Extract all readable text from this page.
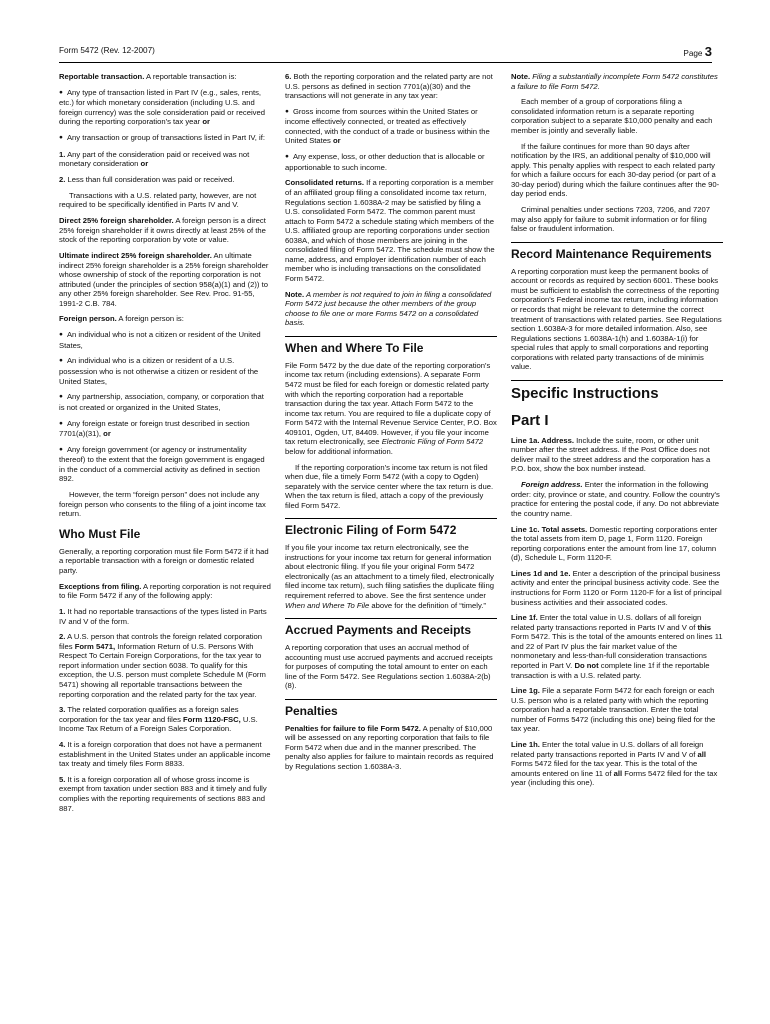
Form 5472 (Rev. 12-2007)	Page 3

Reportable transaction. A reportable transaction is:

● Any type of transaction listed in Part IV (e.g., sales, rents, etc.) for which monetary consideration (including U.S. and foreign currency) was the sole consideration paid or received during the reporting corporation's tax year or

● Any transaction or group of transactions listed in Part IV, if:

1. Any part of the consideration paid or received was not monetary consideration or

2. Less than full consideration was paid or received.

Transactions with a U.S. related party, however, are not required to be specifically identified in Parts IV and V.

Direct 25% foreign shareholder. A foreign person is a direct 25% foreign shareholder if it owns directly at least 25% of the stock of the reporting corporation by vote or value.

Ultimate indirect 25% foreign shareholder. An ultimate indirect 25% foreign shareholder is a 25% foreign shareholder whose ownership of stock of the reporting corporation is not attributed (under the principles of section 958(a)(1) and (2)) to any other 25% foreign shareholder. See Rev. Proc. 91-55, 1991-2 C.B. 784.

Foreign person. A foreign person is:

● An individual who is not a citizen or resident of the United States,

● An individual who is a citizen or resident of a U.S. possession who is not otherwise a citizen or resident of the United States,

● Any partnership, association, company, or corporation that is not created or organized in the United States,

● Any foreign estate or foreign trust described in section 7701(a)(31), or

● Any foreign government (or agency or instrumentality thereof) to the extent that the foreign government is engaged in the conduct of a commercial activity as defined in section 892.

However, the term “foreign person” does not include any foreign person who consents to the filing of a joint income tax return.

Who Must File

Generally, a reporting corporation must file Form 5472 if it had a reportable transaction with a foreign or domestic related party.

Exceptions from filing. A reporting corporation is not required to file Form 5472 if any of the following apply:

1. It had no reportable transactions of the types listed in Parts IV and V of the form.

2. A U.S. person that controls the foreign related corporation files Form 5471, Information Return of U.S. Persons With Respect To Certain Foreign Corporations, for the tax year to report information under section 6038. To qualify for this exception, the U.S. person must complete Schedule M (Form 5471) showing all reportable transactions between the reporting corporation and the related party for the tax year.

3. The related corporation qualifies as a foreign sales corporation for the tax year and files Form 1120-FSC, U.S. Income Tax Return of a Foreign Sales Corporation.

4. It is a foreign corporation that does not have a permanent establishment in the United States under an applicable income tax treaty and timely files Form 8833.

5. It is a foreign corporation all of whose gross income is exempt from taxation under section 883 and it timely and fully complies with the reporting requirements of sections 883 and 887.

6. Both the reporting corporation and the related party are not U.S. persons as defined in section 7701(a)(30) and the transactions will not generate in any tax year:

● Gross income from sources within the United States or income effectively connected, or treated as effectively connected, with the conduct of a trade or business within the United States or

● Any expense, loss, or other deduction that is allocable or apportionable to such income.

Consolidated returns. If a reporting corporation is a member of an affiliated group filing a consolidated income tax return, Regulations section 1.6038A-2 may be satisfied by filing a U.S. consolidated Form 5472. The common parent must attach to Form 5472 a schedule stating which members of the U.S. affiliated group are reporting corporations under section 6038A, and which of those members are joining in the consolidated filing of Form 5472. The schedule must show the name, address, and employer identification number of each member who is including transactions on the consolidated Form 5472.

Note. A member is not required to join in filing a consolidated Form 5472 just because the other members of the group choose to file one or more Forms 5472 on a consolidated basis.

When and Where To File

File Form 5472 by the due date of the reporting corporation's income tax return (including extensions). A separate Form 5472 must be filed for each foreign or domestic related party with which the reporting corporation had a reportable transaction during the tax year. Attach Form 5472 to the income tax return. You are required to file a duplicate copy of Form 5472 with the Internal Revenue Service Center, P.O. Box 409101, Ogden, UT, 84409. However, if you file your income tax return electronically, see Electronic Filing of Form 5472 below for additional information.

If the reporting corporation's income tax return is not filed when due, file a timely Form 5472 (with a copy to Ogden) separately with the service center where the tax return is due. When the tax return is filed, attach a copy of the previously filed Form 5472.

Electronic Filing of Form 5472

If you file your income tax return electronically, see the instructions for your income tax return for general information about electronic filing. If you file your original Form 5472 electronically (as an attachment to a timely filed, electronically filed income tax return), such filing satisfies the duplicate filing requirement referred to above. See the first sentence under When and Where To File above for the definition of “timely.”

Accrued Payments and Receipts

A reporting corporation that uses an accrual method of accounting must use accrued payments and accrued receipts for purposes of computing the total amount to enter on each line of the Form 5472. See Regulations section 1.6038A-2(b)(8).

Penalties

Penalties for failure to file Form 5472. A penalty of $10,000 will be assessed on any reporting corporation that fails to file Form 5472 when due and in the manner prescribed. The penalty also applies for failure to maintain records as required by Regulations section 1.6038A-3.

Note. Filing a substantially incomplete Form 5472 constitutes a failure to file Form 5472.

Each member of a group of corporations filing a consolidated information return is a separate reporting corporation subject to a separate $10,000 penalty and each member is jointly and severally liable.

If the failure continues for more than 90 days after notification by the IRS, an additional penalty of $10,000 will apply. This penalty applies with respect to each related party for which a failure occurs for each 30-day period (or part of a 30-day period) during which the failure continues after the 90-day period ends.

Criminal penalties under sections 7203, 7206, and 7207 may also apply for failure to submit information or for filing false or fraudulent information.

Record Maintenance Requirements

A reporting corporation must keep the permanent books of account or records as required by section 6001. These books must be sufficient to establish the correctness of the reporting corporation's Federal income tax return, including information or records that might be relevant to determine the correct treatment of transactions with related parties. See Regulations section 1.6038A-3 for more detailed information. Also, see Regulations sections 1.6038A-1(h) and 1.6038A-1(i) for special rules that apply to small corporations and reporting corporations with related party transactions of de minimis value.

Specific Instructions
Part I

Line 1a. Address. Include the suite, room, or other unit number after the street address. If the Post Office does not deliver mail to the street address and the corporation has a P.O. box, show the box number instead.

Foreign address. Enter the information in the following order: city, province or state, and country. Follow the country's practice for entering the postal code, if any. Do not abbreviate the country name.

Line 1c. Total assets. Domestic reporting corporations enter the total assets from item D, page 1, Form 1120. Foreign reporting corporations enter the amount from line 17, column (d), Schedule L, Form 1120-F.

Lines 1d and 1e. Enter a description of the principal business activity and enter the principal business activity code. See the instructions for Form 1120 or Form 1120-F for a list of principal business activities and their associated codes.

Line 1f. Enter the total value in U.S. dollars of all foreign related party transactions reported in Parts IV and V of this Form 5472. This is the total of the amounts entered on lines 11 and 22 of Part IV plus the fair market value of the nonmonetary and less-than-full consideration transactions reported in Part V. Do not complete line 1f if the reportable transaction is with a U.S. related party.

Line 1g. File a separate Form 5472 for each foreign or each U.S. person who is a related party with which the reporting corporation had a reportable transaction. Enter the total number of Forms 5472 (including this one) being filed for the tax year.

Line 1h. Enter the total value in U.S. dollars of all foreign related party transactions reported in Parts IV and V of all Forms 5472 filed for the tax year. This is the total of the amounts entered on line 11 of all Forms 5472 filed for the tax year (including this one).
